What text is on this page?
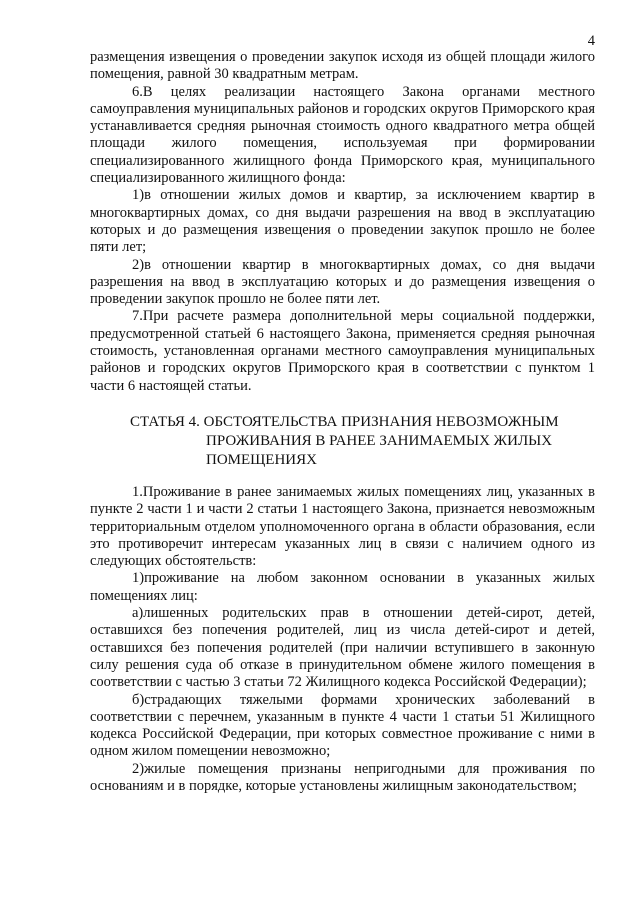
4

размещения извещения о проведении закупок исходя из общей площади жилого помещения, равной 30 квадратным метрам.

6.В целях реализации настоящего Закона органами местного самоуправления муниципальных районов и городских округов Приморского края устанавливается средняя рыночная стоимость одного квадратного метра общей площади жилого помещения, используемая при формировании специализированного жилищного фонда Приморского края, муниципального специализированного жилищного фонда:

1)в отношении жилых домов и квартир, за исключением квартир в многоквартирных домах, со дня выдачи разрешения на ввод в эксплуатацию которых и до размещения извещения о проведении закупок прошло не более пяти лет;

2)в отношении квартир в многоквартирных домах, со дня выдачи разрешения на ввод в эксплуатацию которых и до размещения извещения о проведении закупок прошло не более пяти лет.

7.При расчете размера дополнительной меры социальной поддержки, предусмотренной статьей 6 настоящего Закона, применяется средняя рыночная стоимость, установленная органами местного самоуправления муниципальных районов и городских округов Приморского края в соответствии с пунктом 1 части 6 настоящей статьи.

СТАТЬЯ 4. ОБСТОЯТЕЛЬСТВА ПРИЗНАНИЯ НЕВОЗМОЖНЫМ
ПРОЖИВАНИЯ В РАНЕЕ ЗАНИМАЕМЫХ ЖИЛЫХ ПОМЕЩЕНИЯХ

1.Проживание в ранее занимаемых жилых помещениях лиц, указанных в пункте 2 части 1 и части 2 статьи 1 настоящего Закона, признается невозможным территориальным отделом уполномоченного органа в области образования, если это противоречит интересам указанных лиц в связи с наличием одного из следующих обстоятельств:

1)проживание на любом законном основании в указанных жилых помещениях лиц:

а)лишенных родительских прав в отношении детей-сирот, детей, оставшихся без попечения родителей, лиц из числа детей-сирот и детей, оставшихся без попечения родителей (при наличии вступившего в законную силу решения суда об отказе в принудительном обмене жилого помещения в соответствии с частью 3 статьи 72 Жилищного кодекса Российской Федерации);

б)страдающих тяжелыми формами хронических заболеваний в соответствии с перечнем, указанным в пункте 4 части 1 статьи 51 Жилищного кодекса Российской Федерации, при которых совместное проживание с ними в одном жилом помещении невозможно;

2)жилые помещения признаны непригодными для проживания по основаниям и в порядке, которые установлены жилищным законодательством;
